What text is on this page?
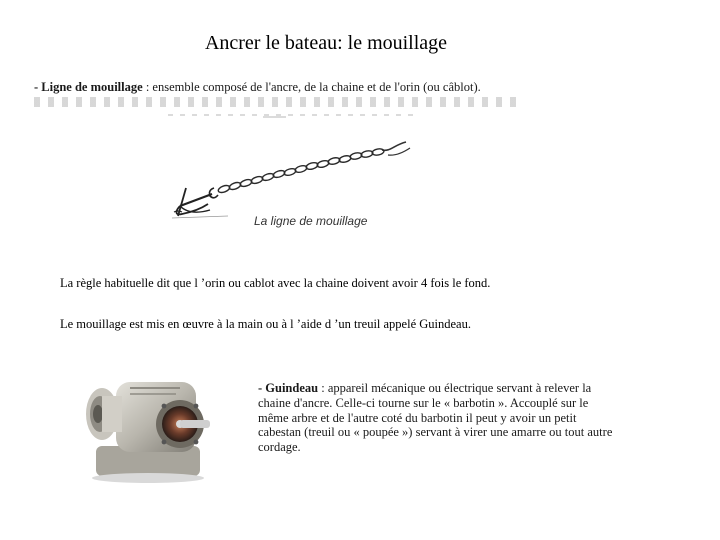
Ancrer le bateau: le mouillage
- Ligne de mouillage : ensemble composé de l'ancre, de la chaine et de l'orin (ou câblot).
La ligne de mouillage
La règle habituelle dit que l ’orin ou cablot avec la chaine doivent avoir 4 fois le fond.
Le mouillage est mis en œuvre à la main ou à l ’aide d ’un treuil appelé Guindeau.
- Guindeau : appareil mécanique ou électrique servant à relever la chaine d'ancre. Celle-ci tourne sur le « barbotin ». Accouplé sur le même arbre et de l'autre coté du barbotin il peut y avoir un petit cabestan (treuil ou « poupée ») servant à virer une amarre ou tout autre cordage.
